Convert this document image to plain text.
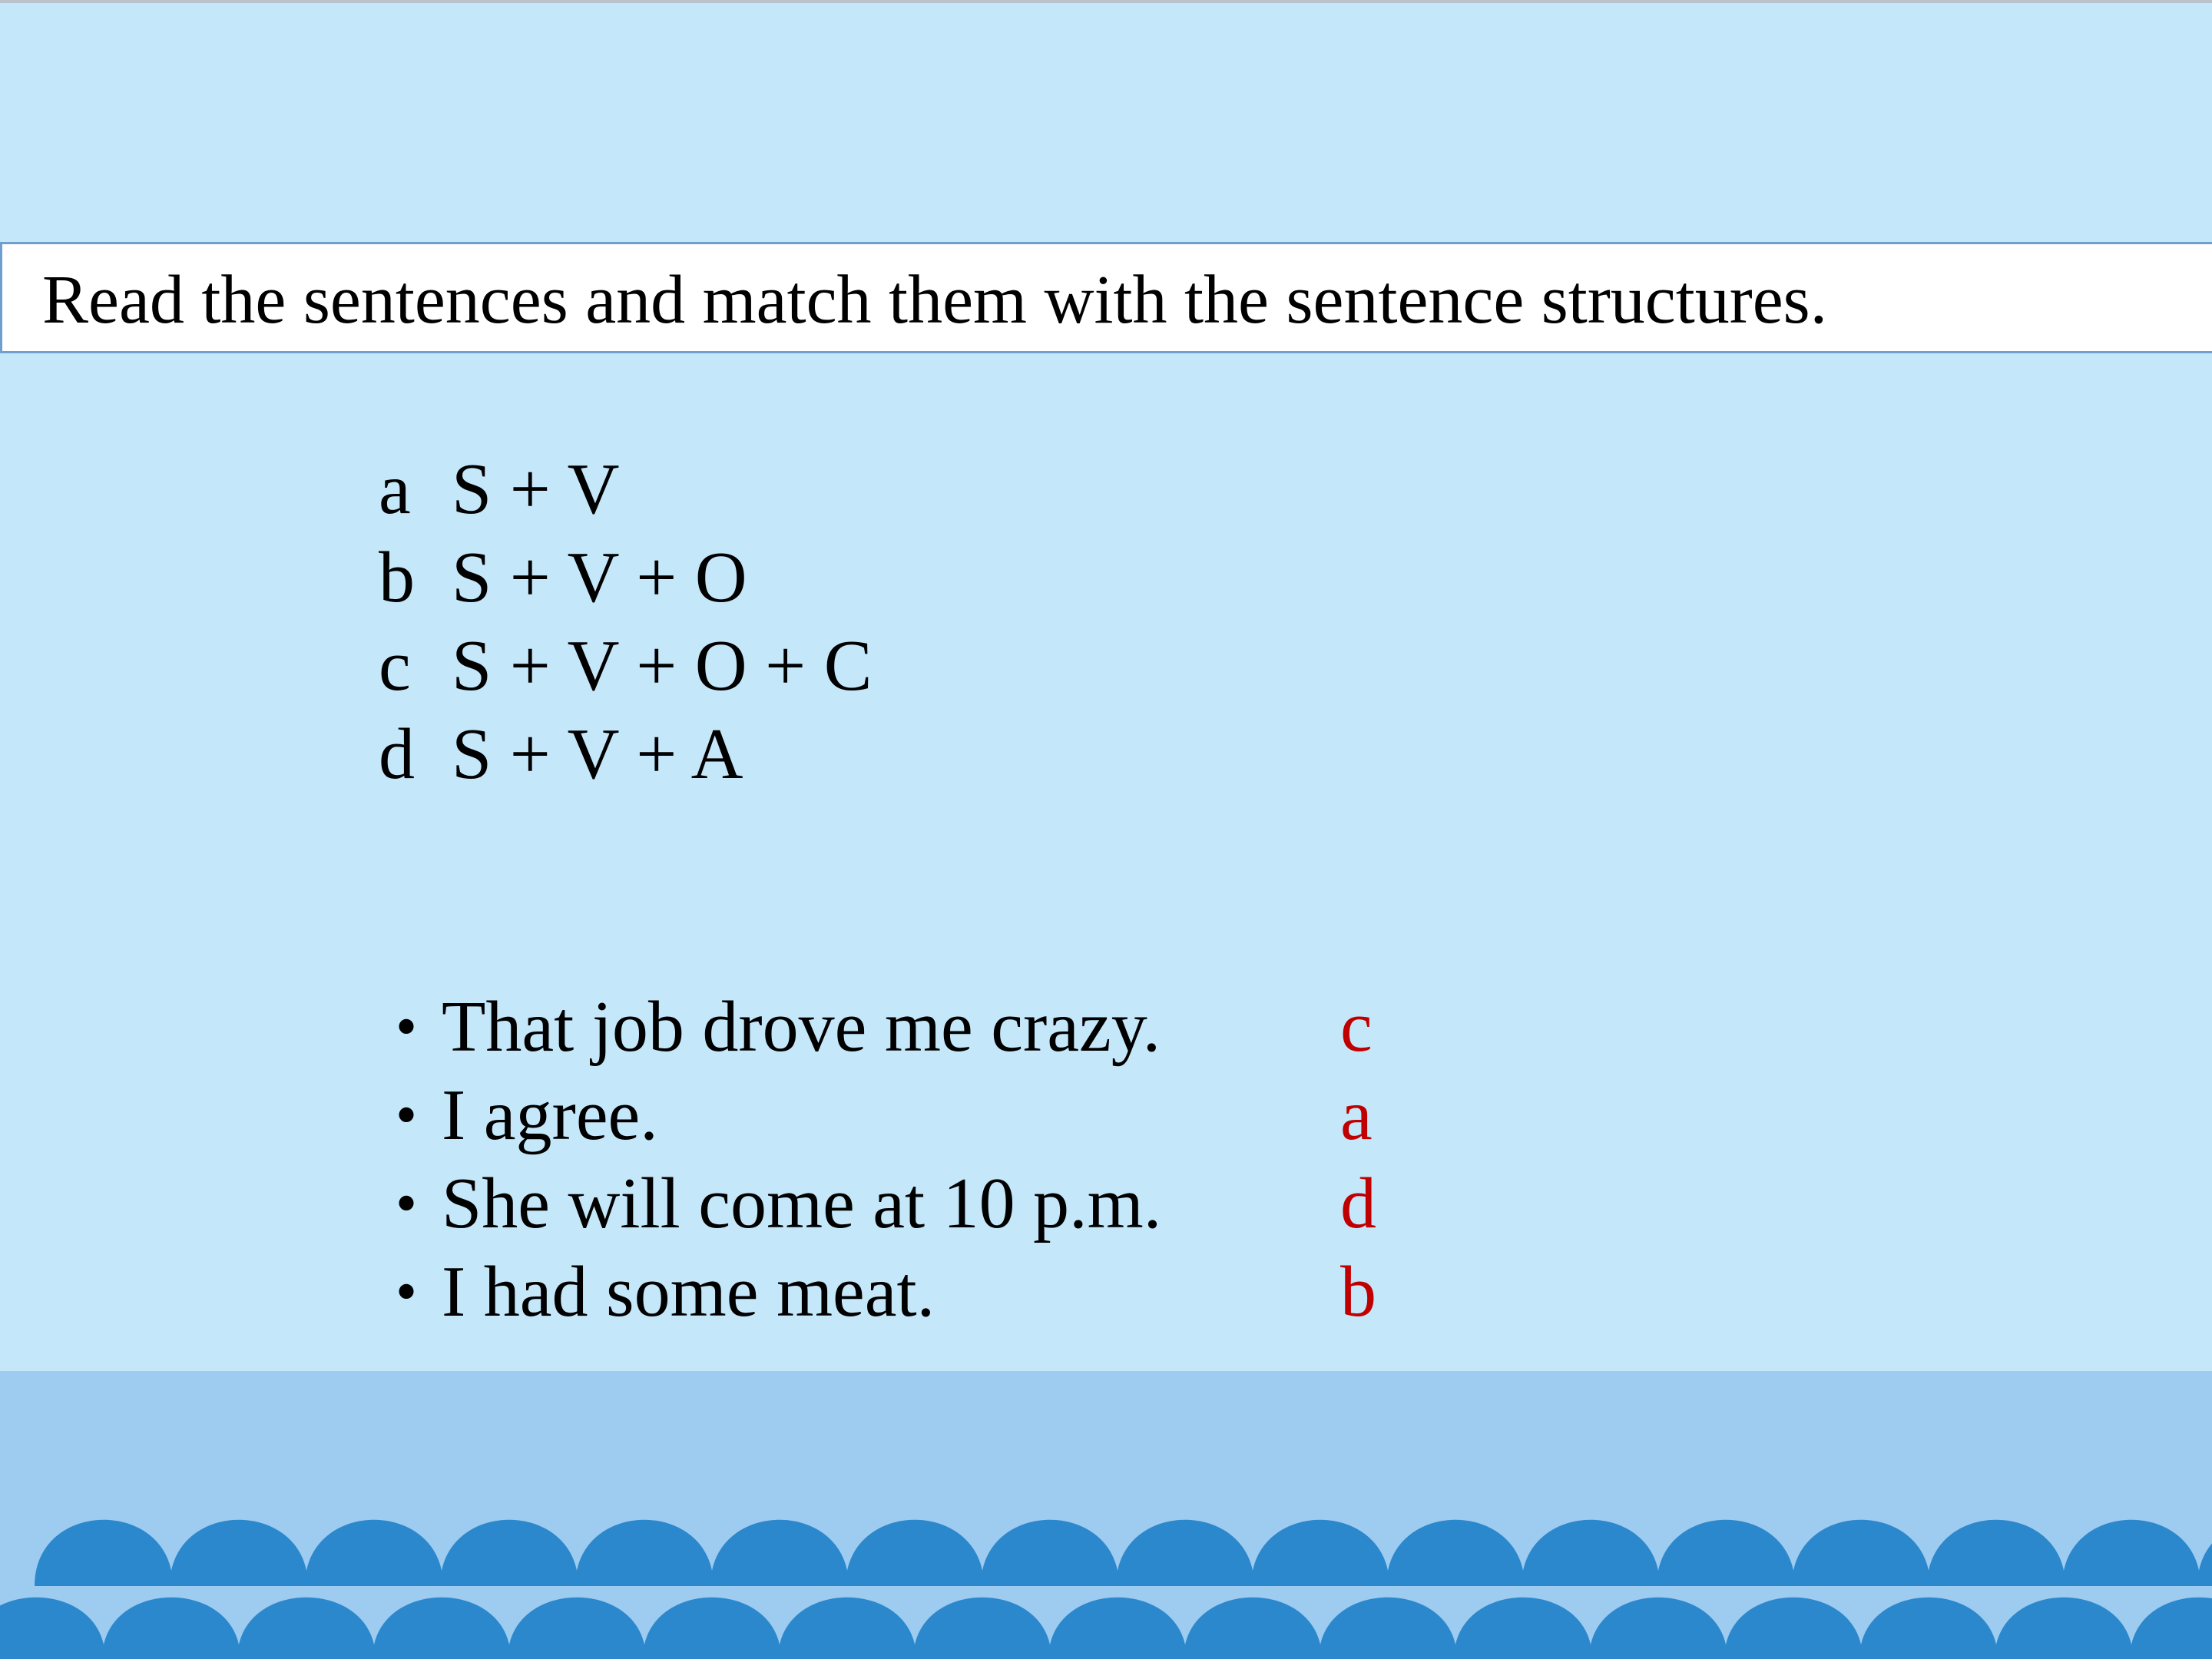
Read the sentences and match them with the sentence structures.
a S + V
b S + V + O
c S + V + O + C
d S + V + A
• That job drove me crazy.
• I agree.
• She will come at 10 p.m.
• I had some meat.
c
a
d
b
